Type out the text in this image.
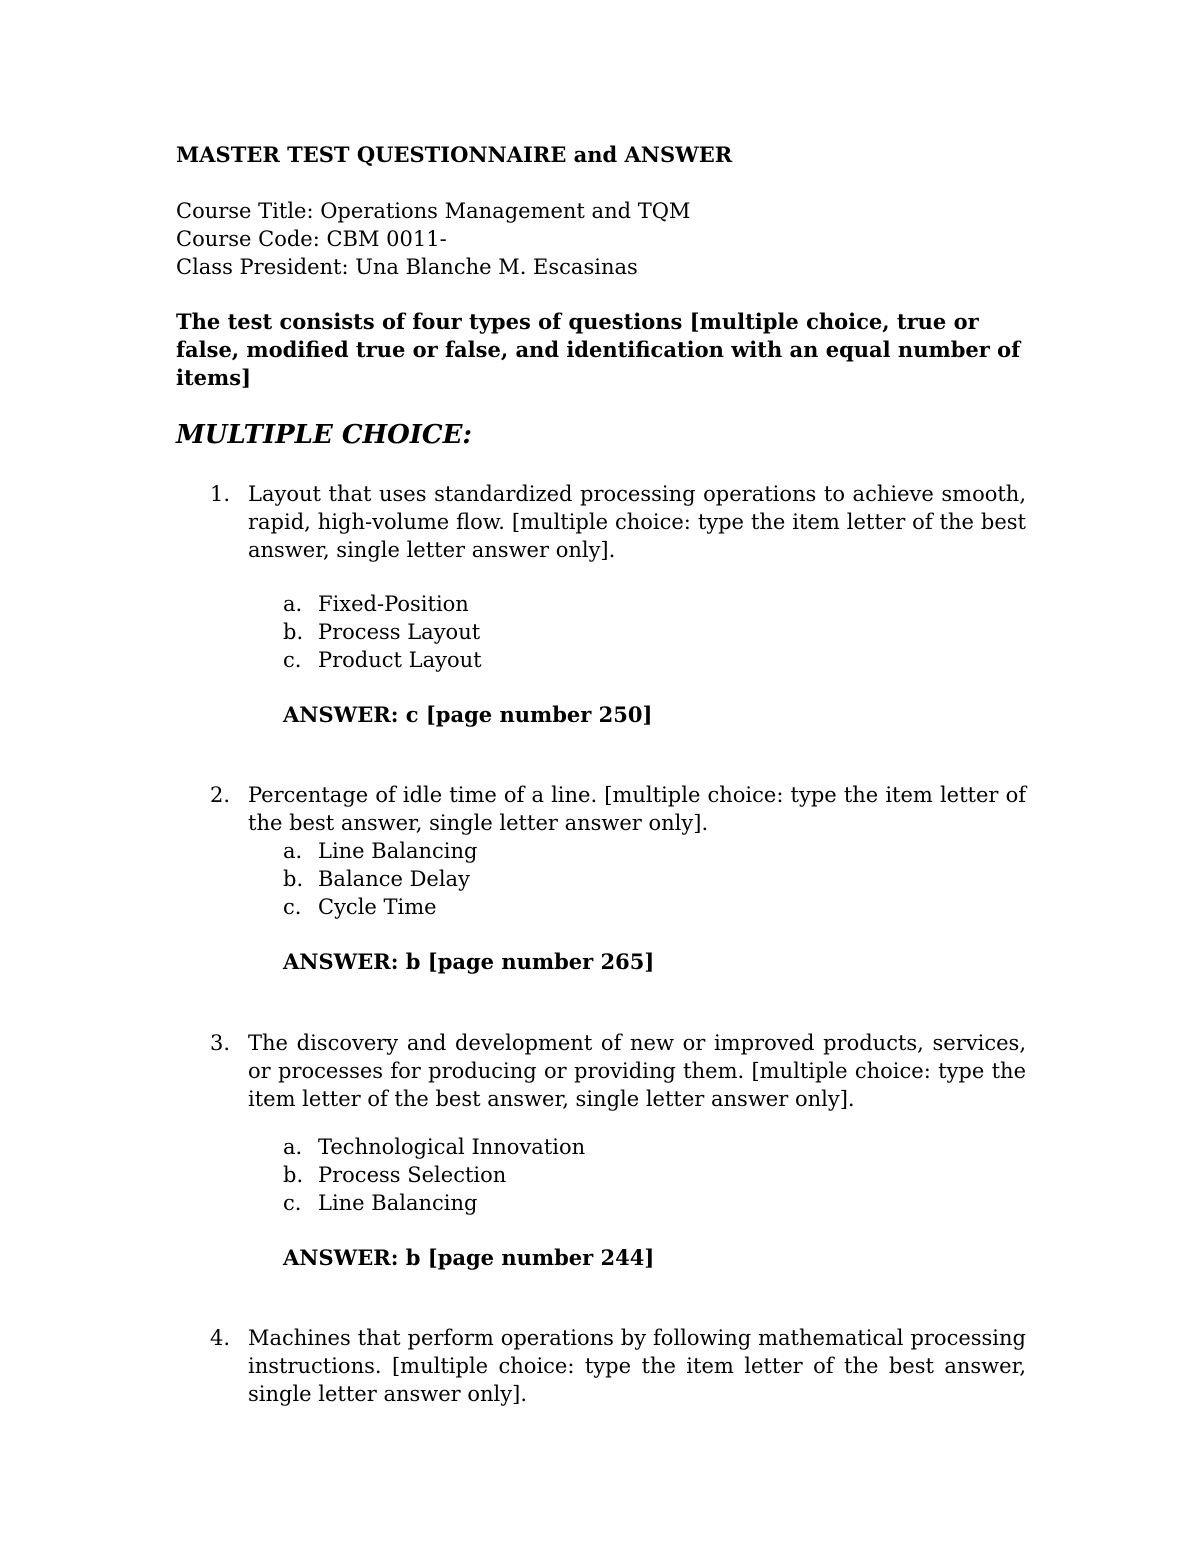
MASTER TEST QUESTIONNAIRE and ANSWER
Course Title: Operations Management and TQM
Course Code: CBM 0011-
Class President: Una Blanche M. Escasinas
The test consists of four types of questions [multiple choice, true or false, modified true or false, and identification with an equal number of items]
MULTIPLE CHOICE:
1. Layout that uses standardized processing operations to achieve smooth, rapid, high-volume flow. [multiple choice: type the item letter of the best answer, single letter answer only].
a. Fixed-Position
b. Process Layout
c. Product Layout
ANSWER: c [page number 250]
2. Percentage of idle time of a line. [multiple choice: type the item letter of the best answer, single letter answer only].
a. Line Balancing
b. Balance Delay
c. Cycle Time
ANSWER: b [page number 265]
3. The discovery and development of new or improved products, services, or processes for producing or providing them. [multiple choice: type the item letter of the best answer, single letter answer only].
a. Technological Innovation
b. Process Selection
c. Line Balancing
ANSWER: b [page number 244]
4. Machines that perform operations by following mathematical processing instructions. [multiple choice: type the item letter of the best answer, single letter answer only].
